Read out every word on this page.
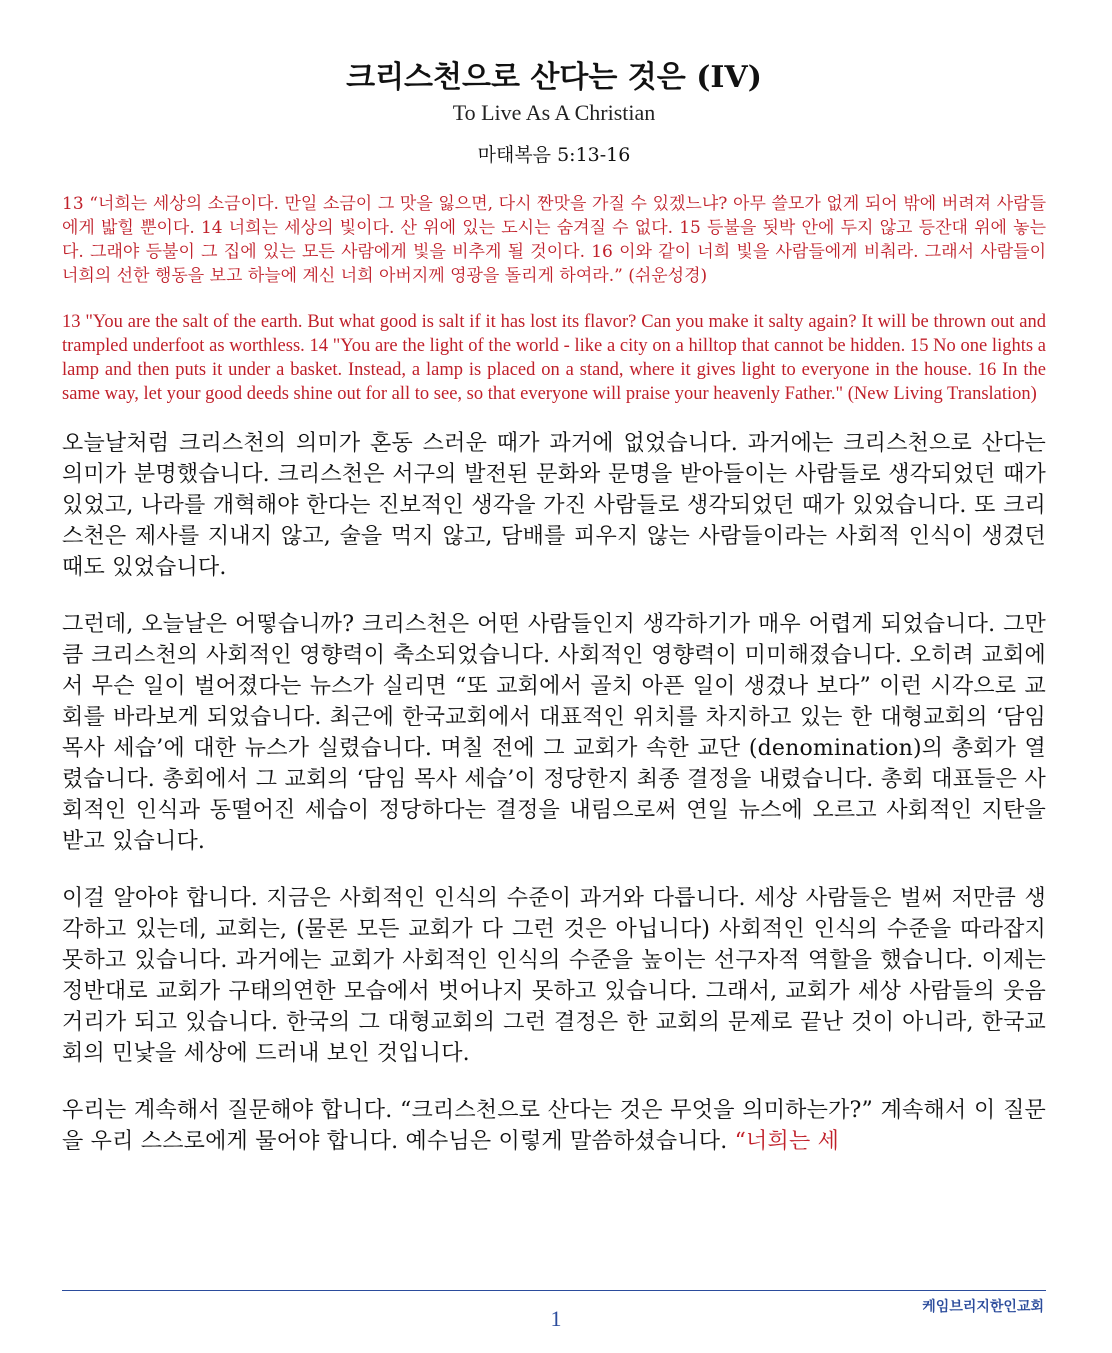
크리스천으로 산다는 것은 (IV)

To Live As A Christian

마태복음 5:13-16

13 “너희는 세상의 소금이다. 만일 소금이 그 맛을 잃으면, 다시 짠맛을 가질 수 있겠느냐? 아무 쓸모가 없게 되어 밖에 버려져 사람들에게 밟힐 뿐이다. 14 너희는 세상의 빛이다. 산 위에 있는 도시는 숨겨질 수 없다. 15 등불을 됫박 안에 두지 않고 등잔대 위에 놓는다. 그래야 등불이 그 집에 있는 모든 사람에게 빛을 비추게 될 것이다. 16 이와 같이 너희 빛을 사람들에게 비춰라. 그래서 사람들이 너희의 선한 행동을 보고 하늘에 계신 너희 아버지께 영광을 돌리게 하여라.” (쉬운성경)

13 "You are the salt of the earth. But what good is salt if it has lost its flavor? Can you make it salty again? It will be thrown out and trampled underfoot as worthless. 14 "You are the light of the world - like a city on a hilltop that cannot be hidden. 15 No one lights a lamp and then puts it under a basket. Instead, a lamp is placed on a stand, where it gives light to everyone in the house. 16 In the same way, let your good deeds shine out for all to see, so that everyone will praise your heavenly Father." (New Living Translation)

오늘날처럼 크리스천의 의미가 혼동 스러운 때가 과거에 없었습니다. 과거에는 크리스천으로 산다는 의미가 분명했습니다. 크리스천은 서구의 발전된 문화와 문명을 받아들이는 사람들로 생각되었던 때가 있었고, 나라를 개혁해야 한다는 진보적인 생각을 가진 사람들로 생각되었던 때가 있었습니다. 또 크리스천은 제사를 지내지 않고, 술을 먹지 않고, 담배를 피우지 않는 사람들이라는 사회적 인식이 생겼던 때도 있었습니다.

그런데, 오늘날은 어떻습니까? 크리스천은 어떤 사람들인지 생각하기가 매우 어렵게 되었습니다. 그만큼 크리스천의 사회적인 영향력이 축소되었습니다. 사회적인 영향력이 미미해졌습니다. 오히려 교회에서 무슨 일이 벌어졌다는 뉴스가 실리면 “또 교회에서 골치 아픈 일이 생겼나 보다” 이런 시각으로 교회를 바라보게 되었습니다. 최근에 한국교회에서 대표적인 위치를 차지하고 있는 한 대형교회의 ‘담임 목사 세습’에 대한 뉴스가 실렸습니다. 며칠 전에 그 교회가 속한 교단 (denomination)의 총회가 열렸습니다. 총회에서 그 교회의 ‘담임 목사 세습’이 정당한지 최종 결정을 내렸습니다. 총회 대표들은 사회적인 인식과 동떨어진 세습이 정당하다는 결정을 내림으로써 연일 뉴스에 오르고 사회적인 지탄을 받고 있습니다.

이걸 알아야 합니다. 지금은 사회적인 인식의 수준이 과거와 다릅니다. 세상 사람들은 벌써 저만큼 생각하고 있는데, 교회는, (물론 모든 교회가 다 그런 것은 아닙니다) 사회적인 인식의 수준을 따라잡지 못하고 있습니다. 과거에는 교회가 사회적인 인식의 수준을 높이는 선구자적 역할을 했습니다. 이제는 정반대로 교회가 구태의연한 모습에서 벗어나지 못하고 있습니다. 그래서, 교회가 세상 사람들의 웃음거리가 되고 있습니다. 한국의 그 대형교회의 그런 결정은 한 교회의 문제로 끝난 것이 아니라, 한국교회의 민낯을 세상에 드러내 보인 것입니다.

우리는 계속해서 질문해야 합니다. “크리스천으로 산다는 것은 무엇을 의미하는가?” 계속해서 이 질문을 우리 스스로에게 물어야 합니다. 예수님은 이렇게 말씀하셨습니다. “너희는 세

케임브리지한인교회
1
